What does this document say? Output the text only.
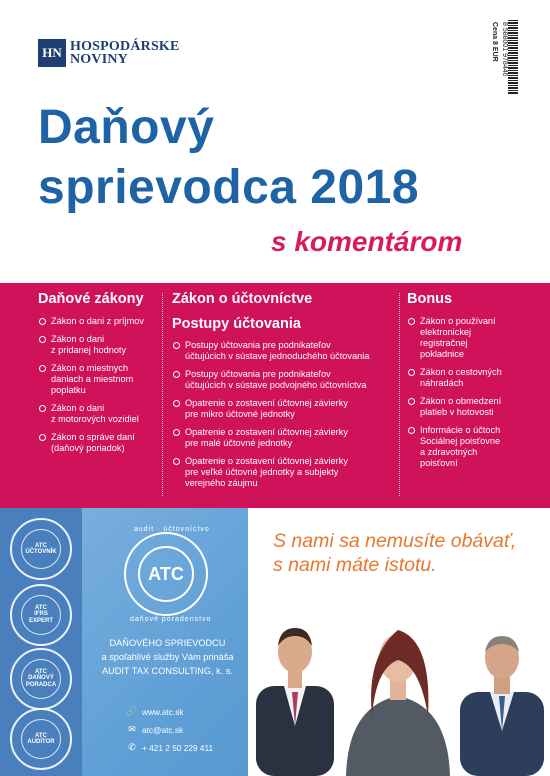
HN HOSPODÁRSKE
NOVINY	8 588001 978446
Cena 8 EUR
Daňový
sprievodca 2018
s komentárom
Daňové zákony
Zákon o dani z príjmov
Zákon o dani
z pridanej hodnoty
Zákon o miestnych
daniach a miestnom
poplatku
Zákon o dani
z motorových vozidiel
Zákon o správe daní
(daňový poriadok)
Zákon o účtovníctve
Postupy účtovania
Postupy účtovania pre podnikateľov
účtujúcich v sústave jednoduchého účtovania
Postupy účtovania pre podnikateľov
účtujúcich v sústave podvojného účtovníctva
Opatrenie o zostavení účtovnej závierky
pre mikro účtovné jednotky
Opatrenie o zostavení účtovnej závierky
pre malé účtovné jednotky
Opatrenie o zostavení účtovnej závierky
pre veľké účtovné jednotky a subjekty
verejného záujmu
Bonus
Zákon o používaní
elektronickej
registračnej
pokladnice
Zákon o cestovných
náhradách
Zákon o obmedzení
platieb v hotovosti
Informácie o účtoch
Sociálnej poisťovne
a zdravotných
poisťovní
ATC
ÚČTOVNÍK
ATC
IFRS
EXPERT
ATC
DAŇOVÝ
PORADCA
ATC
AUDÍTOR
ATC
audit · účtovníctvo
daňové poradenstvo
DAŇOVÉHO SPRIEVODCU
a spoľahlivé služby Vám prináša
AUDIT TAX CONSULTING, k. s.
🔗 www.atc.sk
✉ atc@atc.sk
✆ + 421 2 50 229 411
S nami sa nemusíte obávať,
s nami máte istotu.
